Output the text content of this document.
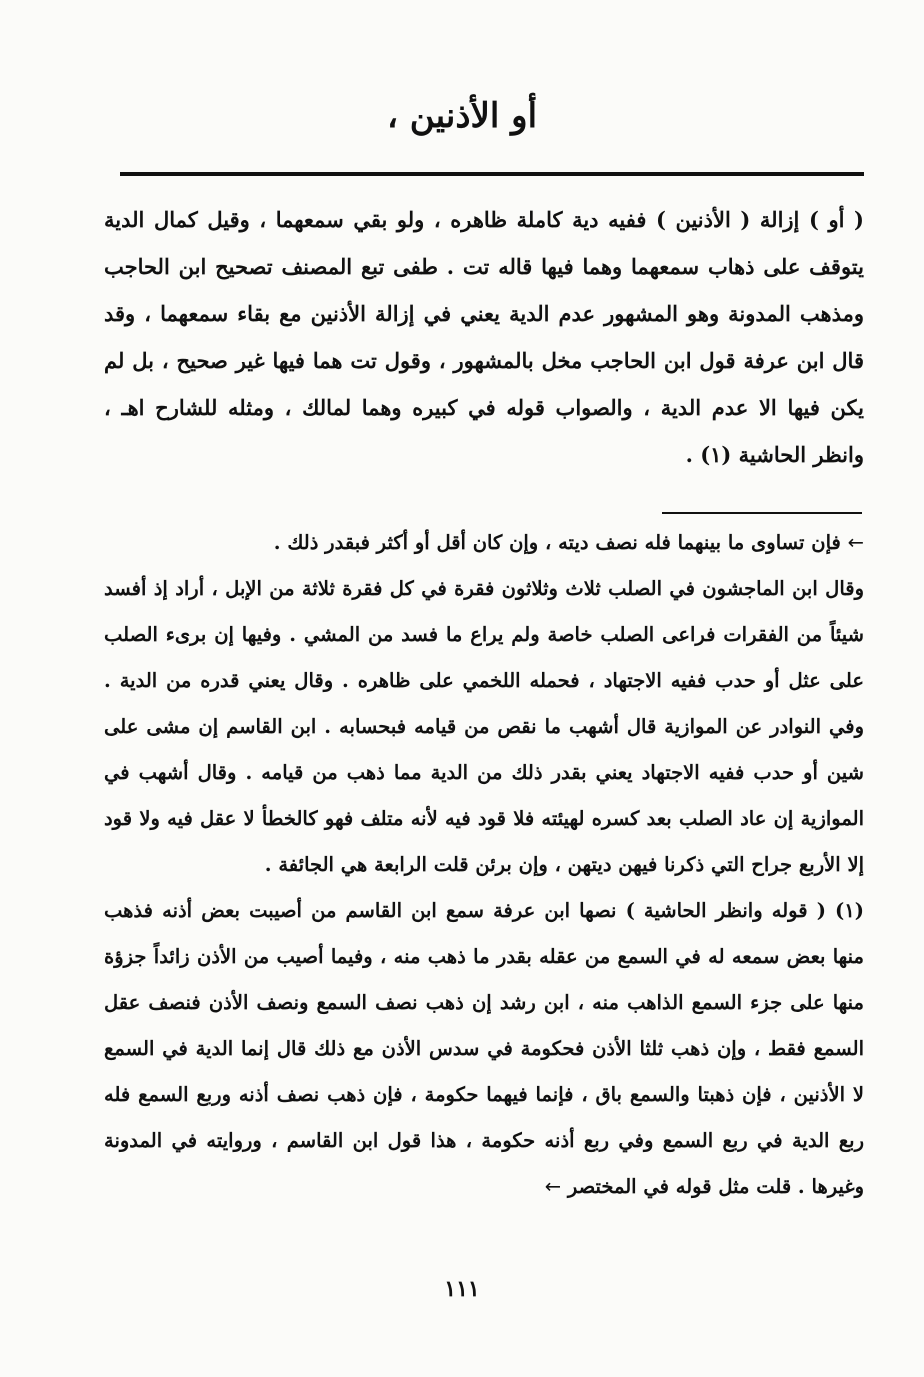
أو الأذنين ،

( أو ) إزالة ( الأذنين ) ففيه دية كاملة ظاهره ، ولو بقي سمعهما ، وقيل كمال الدية يتوقف على ذهاب سمعهما وهما فيها قاله تت . طفى تبع المصنف تصحيح ابن الحاجب ومذهب المدونة وهو المشهور عدم الدية يعني في إزالة الأذنين مع بقاء سمعهما ، وقد قال ابن عرفة قول ابن الحاجب مخل بالمشهور ، وقول تت هما فيها غير صحيح ، بل لم يكن فيها الا عدم الدية ، والصواب قوله في كبيره وهما لمالك ، ومثله للشارح اهـ ، وانظر الحاشية (١) .

← فإن تساوى ما بينهما فله نصف ديته ، وإن كان أقل أو أكثر فبقدر ذلك .

وقال ابن الماجشون في الصلب ثلاث وثلاثون فقرة في كل فقرة ثلاثة من الإبل ، أراد إذ أفسد شيئاً من الفقرات فراعى الصلب خاصة ولم يراع ما فسد من المشي . وفيها إن برىء الصلب على عثل أو حدب ففيه الاجتهاد ، فحمله اللخمي على ظاهره . وقال يعني قدره من الدية . وفي النوادر عن الموازية قال أشهب ما نقص من قيامه فبحسابه . ابن القاسم إن مشى على شين أو حدب ففيه الاجتهاد يعني بقدر ذلك من الدية مما ذهب من قيامه . وقال أشهب في الموازية إن عاد الصلب بعد كسره لهيئته فلا قود فيه لأنه متلف فهو كالخطأ لا عقل فيه ولا قود إلا الأربع جراح التي ذكرنا فيهن ديتهن ، وإن برئن قلت الرابعة هي الجائفة .

(١) ( قوله وانظر الحاشية ) نصها ابن عرفة سمع ابن القاسم من أصيبت بعض أذنه فذهب منها بعض سمعه له في السمع من عقله بقدر ما ذهب منه ، وفيما أصيب من الأذن زائداً جزؤة منها على جزء السمع الذاهب منه ، ابن رشد إن ذهب نصف السمع ونصف الأذن فنصف عقل السمع فقط ، وإن ذهب ثلثا الأذن فحكومة في سدس الأذن مع ذلك قال إنما الدية في السمع لا الأذنين ، فإن ذهبتا والسمع باق ، فإنما فيهما حكومة ، فإن ذهب نصف أذنه وربع السمع فله ربع الدية في ربع السمع وفي ربع أذنه حكومة ، هذا قول ابن القاسم ، وروايته في المدونة وغيرها . قلت مثل قوله في المختصر ←

١١١
